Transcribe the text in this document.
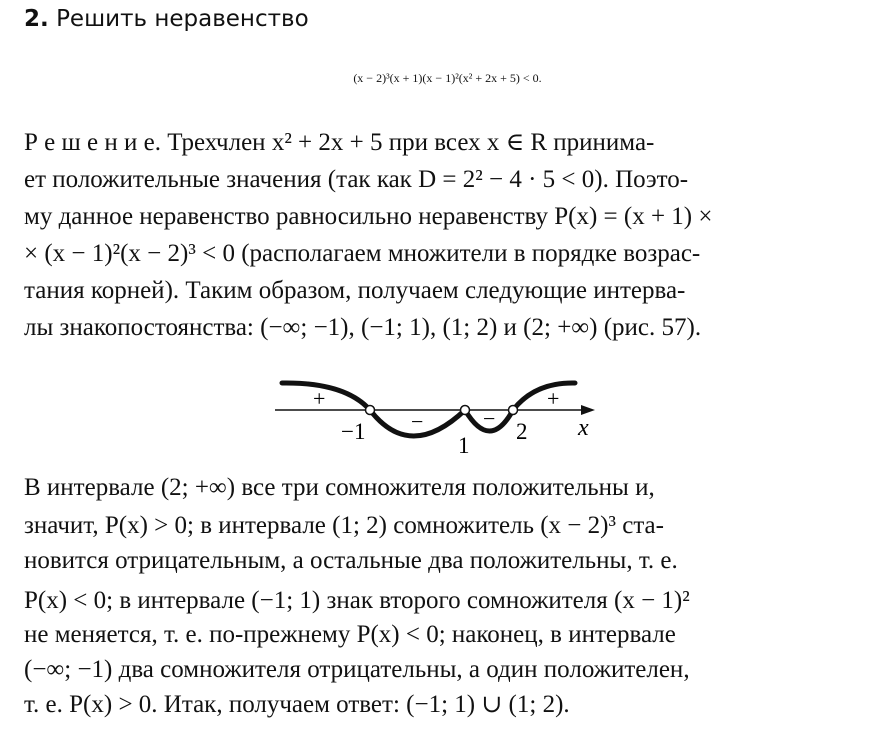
2. Решить неравенство
(x − 2)³(x + 1)(x − 1)²(x² + 2x + 5) < 0.
Р е ш е н и е. Трехчлен x² + 2x + 5 при всех x ∈ R принима-
ет положительные значения (так как D = 2² − 4 · 5 < 0). Поэто-
му данное неравенство равносильно неравенству P(x) = (x + 1) ×
× (x − 1)²(x − 2)³ < 0 (располагаем множители в порядке возрас-
тания корней). Таким образом, получаем следующие интерва-
лы знакопостоянства: (−∞; −1), (−1; 1), (1; 2) и (2; +∞) (рис. 57).
+
−	−
+
−1
1
2 x
В интервале (2; +∞) все три сомножителя положительны и,
значит, P(x) > 0; в интервале (1; 2) сомножитель (x − 2)³ ста-
новится отрицательным, а остальные два положительны, т. е.
P(x) < 0; в интервале (−1; 1) знак второго сомножителя (x − 1)²
не меняется, т. е. по-прежнему P(x) < 0; наконец, в интервале
(−∞; −1) два сомножителя отрицательны, а один положителен,
т. е. P(x) > 0. Итак, получаем ответ: (−1; 1) ∪ (1; 2).
